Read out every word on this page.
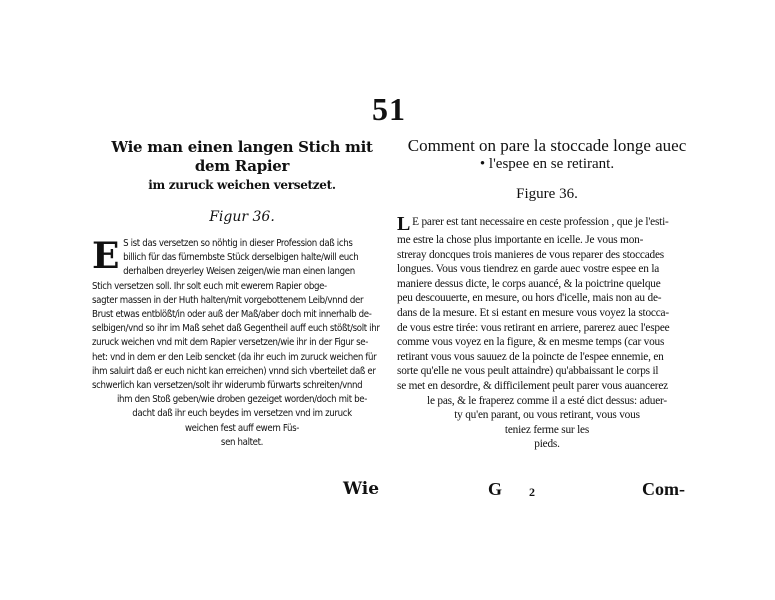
51
Wie man einen langen Stich mit dem Rapier
im zuruck weichen versetzet.
Figur 36.
E S ist das versetzen so nöhtig in dieser Profession daß ichs
billich für das fürnembste Stück derselbigen halte/will euch
derhalben dreyerley Weisen zeigen/wie man einen langen
Stich versetzen soll. Ihr solt euch mit ewerem Rapier obge-
sagter massen in der Huth halten/mit vorgebottenem Leib/vnnd der
Brust etwas entblößt/in oder auß der Maß/aber doch mit innerhalb de-
selbigen/vnd so ihr im Maß sehet daß Gegentheil auff euch stößt/solt ihr
zuruck weichen vnd mit dem Rapier versetzen/wie ihr in der Figur se-
het: vnd in dem er den Leib sencket (da ihr euch im zuruck weichen für
ihm saluirt daß er euch nicht kan erreichen) vnnd sich vberteilet daß er
schwerlich kan versetzen/solt ihr widerumb fürwarts schreiten/vnnd
ihm den Stoß geben/wie droben gezeiget worden/doch mit be-
dacht daß ihr euch beydes im versetzen vnd im zuruck
weichen fest auff ewern Füs-
sen haltet.
Comment on pare la stoccade longe auec
• l'espee en se retirant.
Figure 36.
L E parer est tant necessaire en ceste profession , que je l'esti-
me estre la chose plus importante en icelle. Je vous mon-
streray doncques trois manieres de vous reparer des stoccades
longues. Vous vous tiendrez en garde auec vostre espee en la
maniere dessus dicte, le corps auancé, & la poictrine quelque
peu descouuerte, en mesure, ou hors d'icelle, mais non au de-
dans de la mesure. Et si estant en mesure vous voyez la stocca-
de vous estre tirée: vous retirant en arriere, parerez auec l'espee
comme vous voyez en la figure, & en mesme temps (car vous
retirant vous vous sauuez de la poincte de l'espee ennemie, en
sorte qu'elle ne vous peult attaindre) qu'abbaissant le corps il
se met en desordre, & difficilement peult parer vous auancerez
le pas, & le fraperez comme il a esté dict dessus: aduer-
ty qu'en parant, ou vous retirant, vous vous
teniez ferme sur les
pieds.
Wie	G 2	Com-
